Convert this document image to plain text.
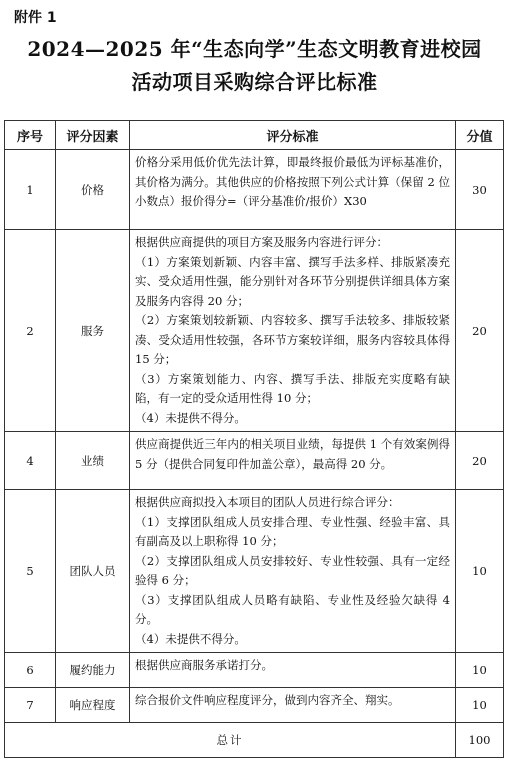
附件 1
2024—2025 年“生态向学”生态文明教育进校园
活动项目采购综合评比标准
序号	评分因素	评分标准	分值
1	价格	价格分采用低价优先法计算，即最终报价最低为评标基准价，其价格为满分。其他供应的价格按照下列公式计算（保留 2 位小数点）报价得分=（评分基准价/报价）X30	30
2	服务	根据供应商提供的项目方案及服务内容进行评分：
（1）方案策划新颖、内容丰富、撰写手法多样、排版紧凑充实、受众适用性强，能分别针对各环节分别提供详细具体方案及服务内容得 20 分；
（2）方案策划较新颖、内容较多、撰写手法较多、排版较紧凑、受众适用性较强，各环节方案较详细，服务内容较具体得 15 分；
（3）方案策划能力、内容、撰写手法、排版充实度略有缺陷，有一定的受众适用性得 10 分；
（4）未提供不得分。	20
4	业绩	供应商提供近三年内的相关项目业绩，每提供 1 个有效案例得 5 分（提供合同复印件加盖公章），最高得 20 分。	20
5	团队人员	根据供应商拟投入本项目的团队人员进行综合评分：
（1）支撑团队组成人员安排合理、专业性强、经验丰富、具有副高及以上职称得 10 分；
（2）支撑团队组成人员安排较好、专业性较强、具有一定经验得 6 分；
（3）支撑团队组成人员略有缺陷、专业性及经验欠缺得 4 分。
（4）未提供不得分。	10
6	履约能力	根据供应商服务承诺打分。	10
7	响应程度	综合报价文件响应程度评分，做到内容齐全、翔实。	10
总计			100
